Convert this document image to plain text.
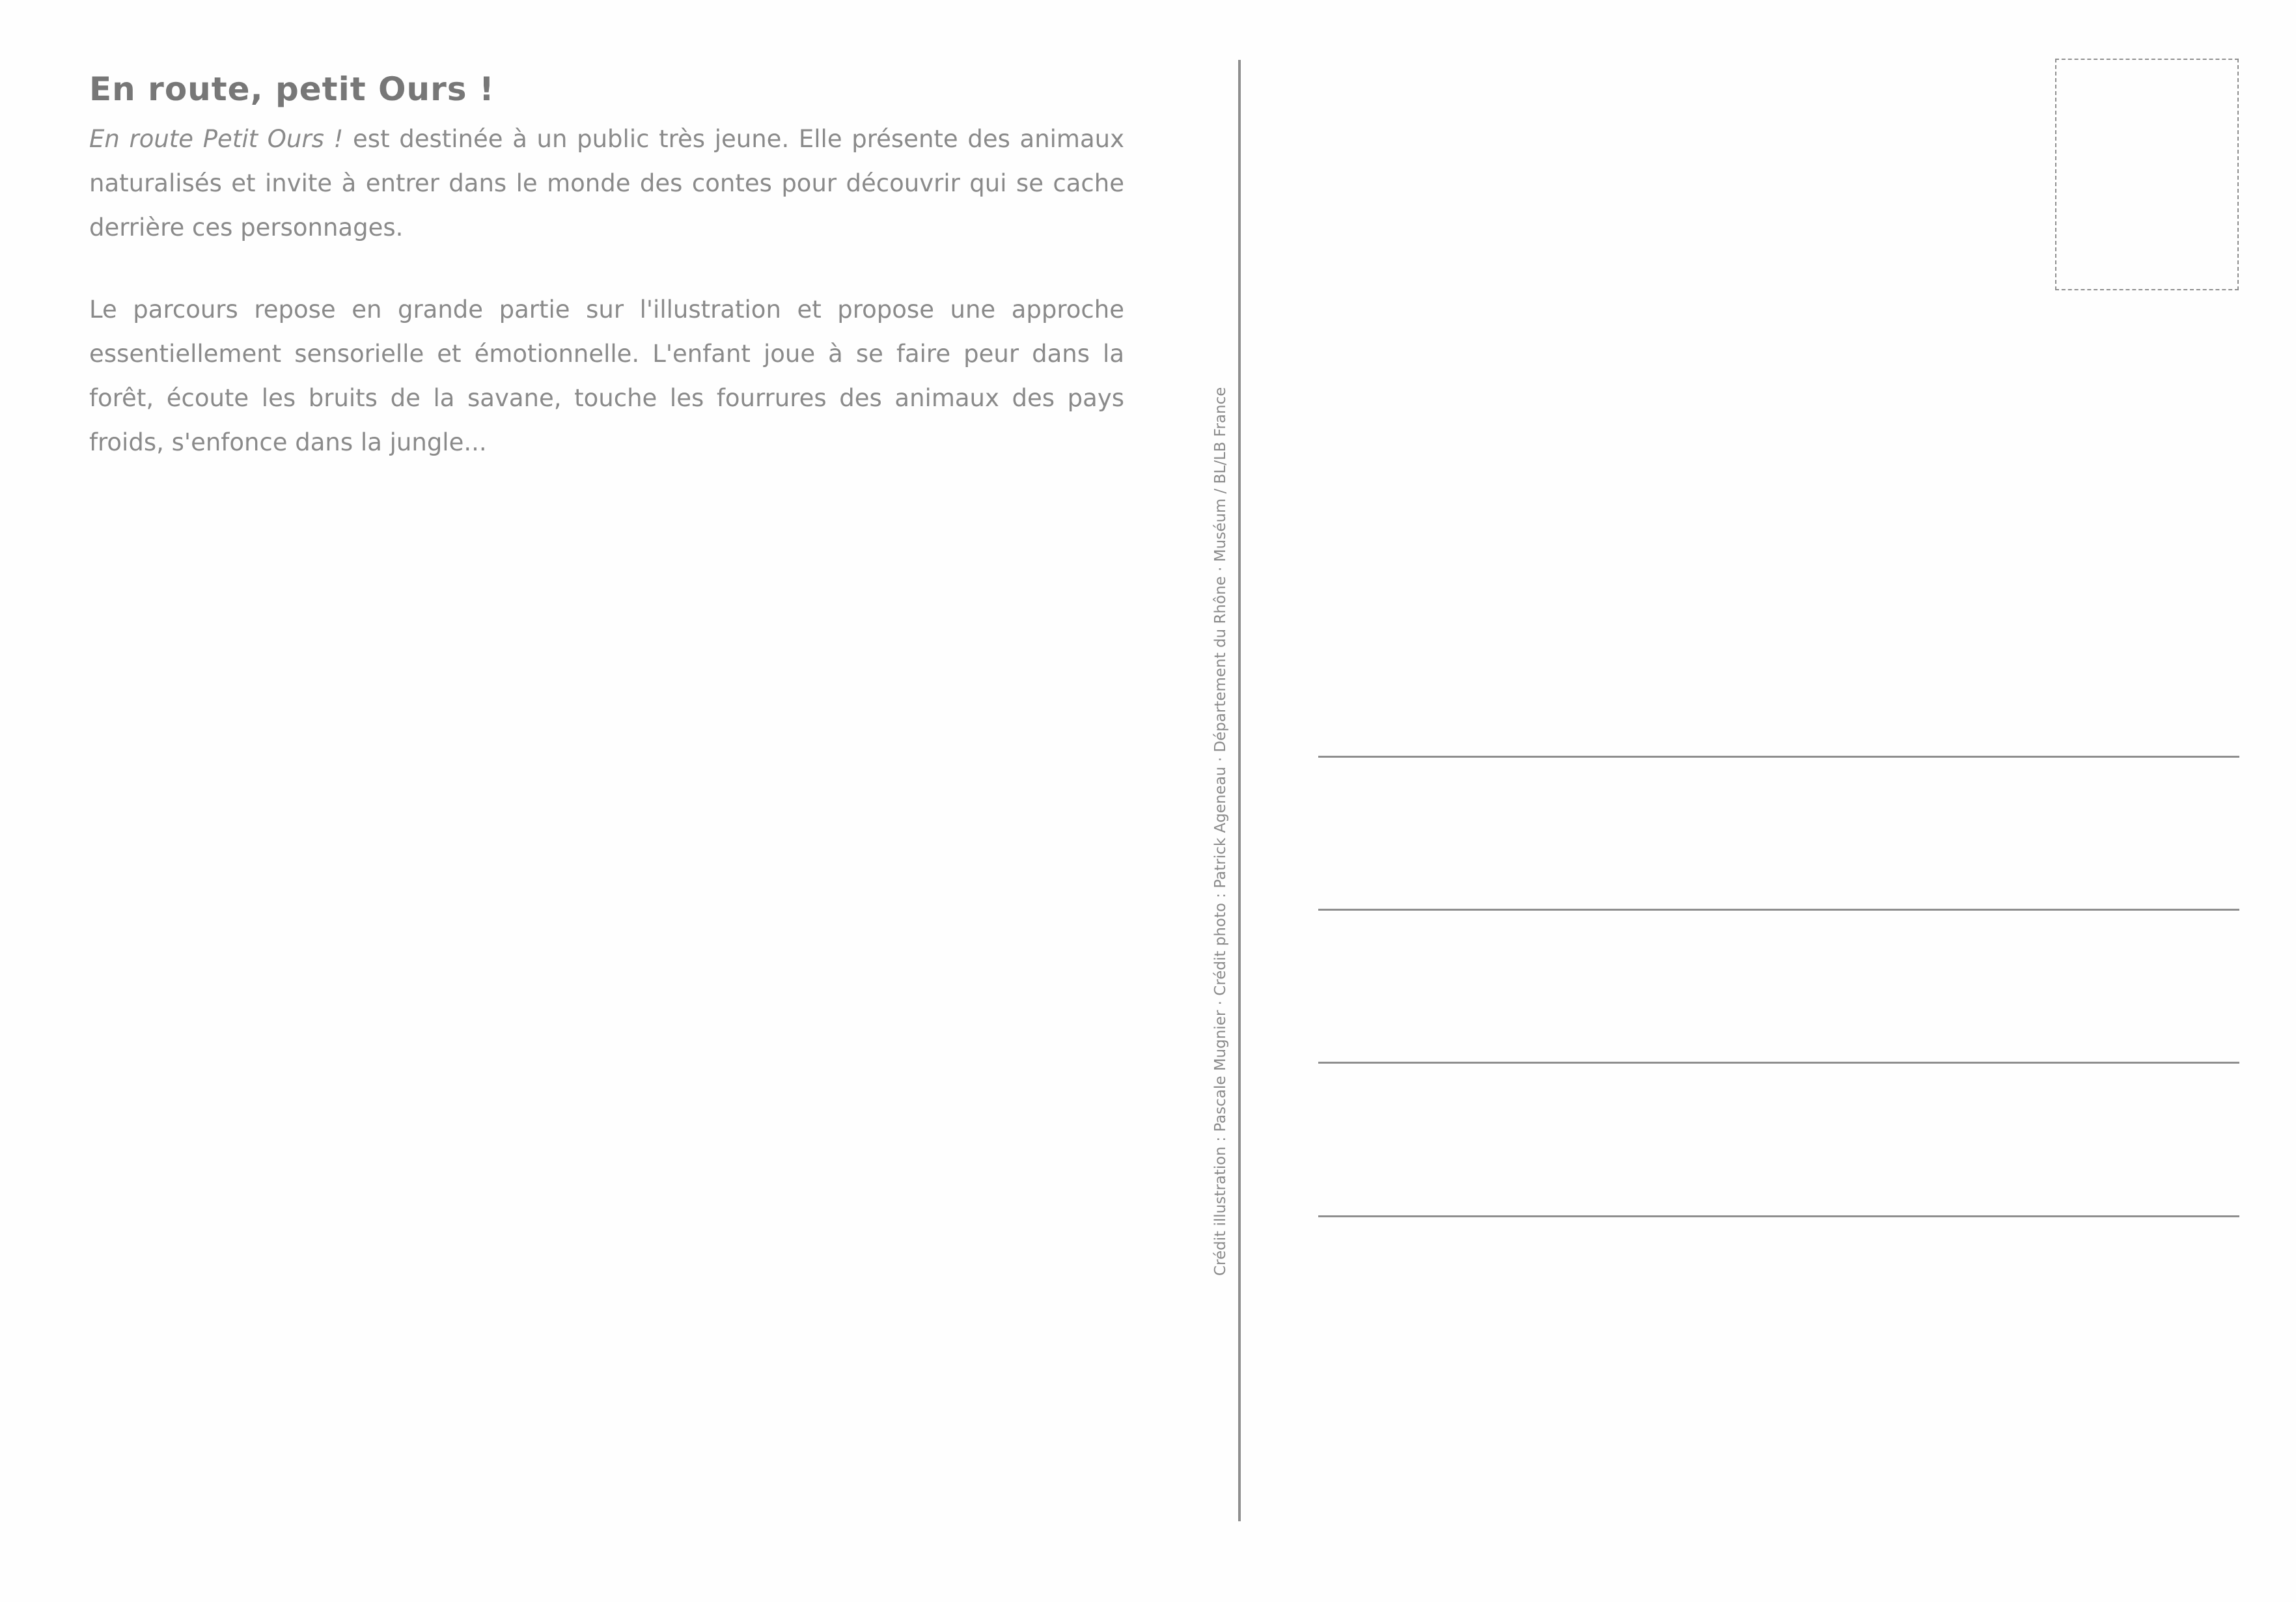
En route, petit Ours !
En route Petit Ours ! est destinée à un public très jeune. Elle présente des animaux naturalisés et invite à entrer dans le monde des contes pour découvrir qui se cache derrière ces personnages.
Le parcours repose en grande partie sur l'illustration et propose une approche essentiellement sensorielle et émotionnelle. L'enfant joue à se faire peur dans la forêt, écoute les bruits de la savane, touche les fourrures des animaux des pays froids, s'enfonce dans la jungle...	Crédit illustration : Pascale Mugnier · Crédit photo : Patrick Ageneau · Département du Rhône · Muséum / BL/LB France
